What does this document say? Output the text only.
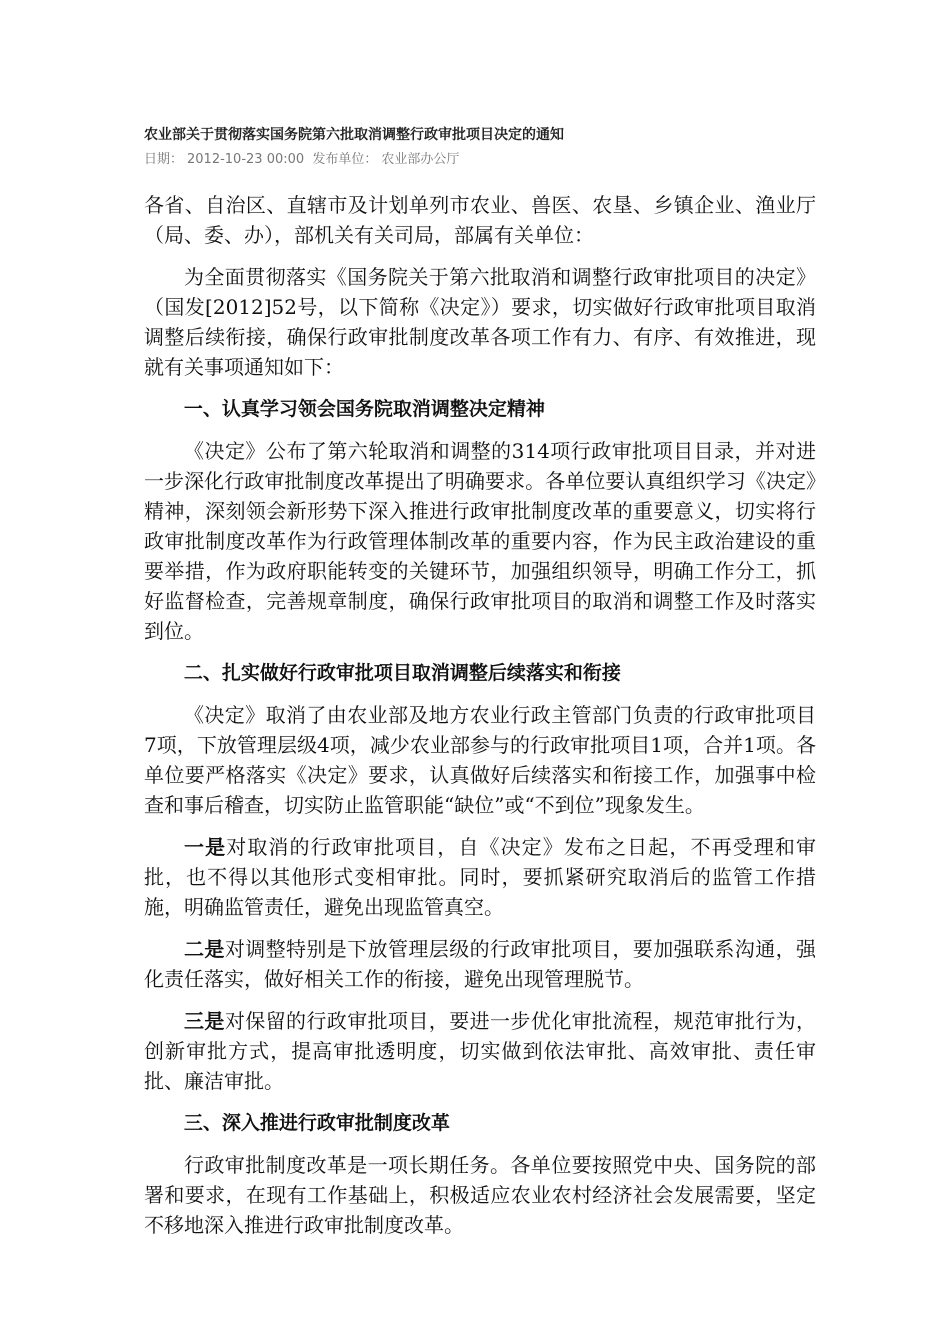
农业部关于贯彻落实国务院第六批取消调整行政审批项目决定的通知
日期： 2012-10-23 00:00 发布单位： 农业部办公厅

各省、自治区、直辖市及计划单列市农业、兽医、农垦、乡镇企业、渔业厅（局、委、办），部机关有关司局，部属有关单位：

为全面贯彻落实《国务院关于第六批取消和调整行政审批项目的决定》（国发[2012]52号，以下简称《决定》）要求，切实做好行政审批项目取消调整后续衔接，确保行政审批制度改革各项工作有力、有序、有效推进，现就有关事项通知如下：

一、认真学习领会国务院取消调整决定精神

《决定》公布了第六轮取消和调整的314项行政审批项目目录，并对进一步深化行政审批制度改革提出了明确要求。各单位要认真组织学习《决定》精神，深刻领会新形势下深入推进行政审批制度改革的重要意义，切实将行政审批制度改革作为行政管理体制改革的重要内容，作为民主政治建设的重要举措，作为政府职能转变的关键环节，加强组织领导，明确工作分工，抓好监督检查，完善规章制度，确保行政审批项目的取消和调整工作及时落实到位。

二、扎实做好行政审批项目取消调整后续落实和衔接

《决定》取消了由农业部及地方农业行政主管部门负责的行政审批项目7项，下放管理层级4项，减少农业部参与的行政审批项目1项，合并1项。各单位要严格落实《决定》要求，认真做好后续落实和衔接工作，加强事中检查和事后稽查，切实防止监管职能“缺位”或“不到位”现象发生。

一是对取消的行政审批项目，自《决定》发布之日起，不再受理和审批，也不得以其他形式变相审批。同时，要抓紧研究取消后的监管工作措施，明确监管责任，避免出现监管真空。

二是对调整特别是下放管理层级的行政审批项目，要加强联系沟通，强化责任落实，做好相关工作的衔接，避免出现管理脱节。

三是对保留的行政审批项目，要进一步优化审批流程，规范审批行为，创新审批方式，提高审批透明度，切实做到依法审批、高效审批、责任审批、廉洁审批。

三、深入推进行政审批制度改革

行政审批制度改革是一项长期任务。各单位要按照党中央、国务院的部署和要求，在现有工作基础上，积极适应农业农村经济社会发展需要，坚定不移地深入推进行政审批制度改革。
